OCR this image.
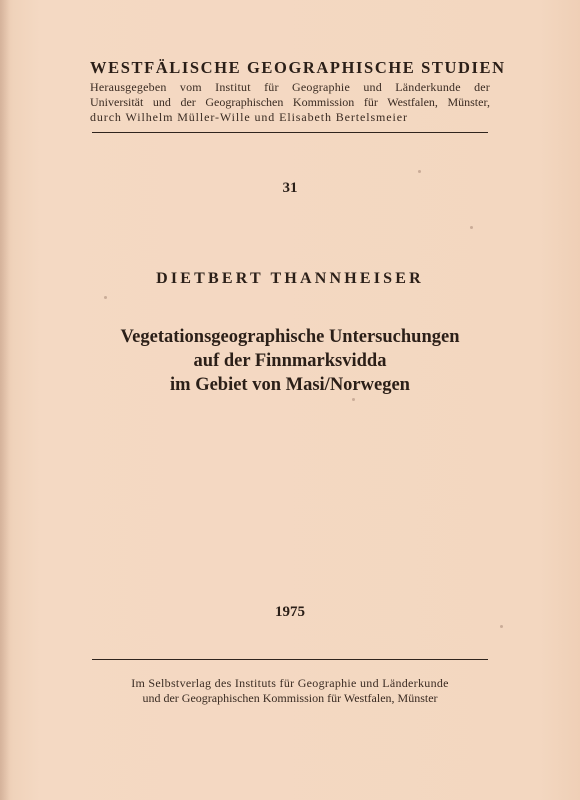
WESTFÄLISCHE GEOGRAPHISCHE STUDIEN
Herausgegeben vom Institut für Geographie und Länderkunde der
Universität und der Geographischen Kommission für Westfalen, Münster,
durch Wilhelm Müller-Wille und Elisabeth Bertelsmeier
31
DIETBERT THANNHEISER
Vegetationsgeographische Untersuchungen
auf der Finnmarksvidda
im Gebiet von Masi/Norwegen
1975
Im Selbstverlag des Instituts für Geographie und Länderkunde
und der Geographischen Kommission für Westfalen, Münster
